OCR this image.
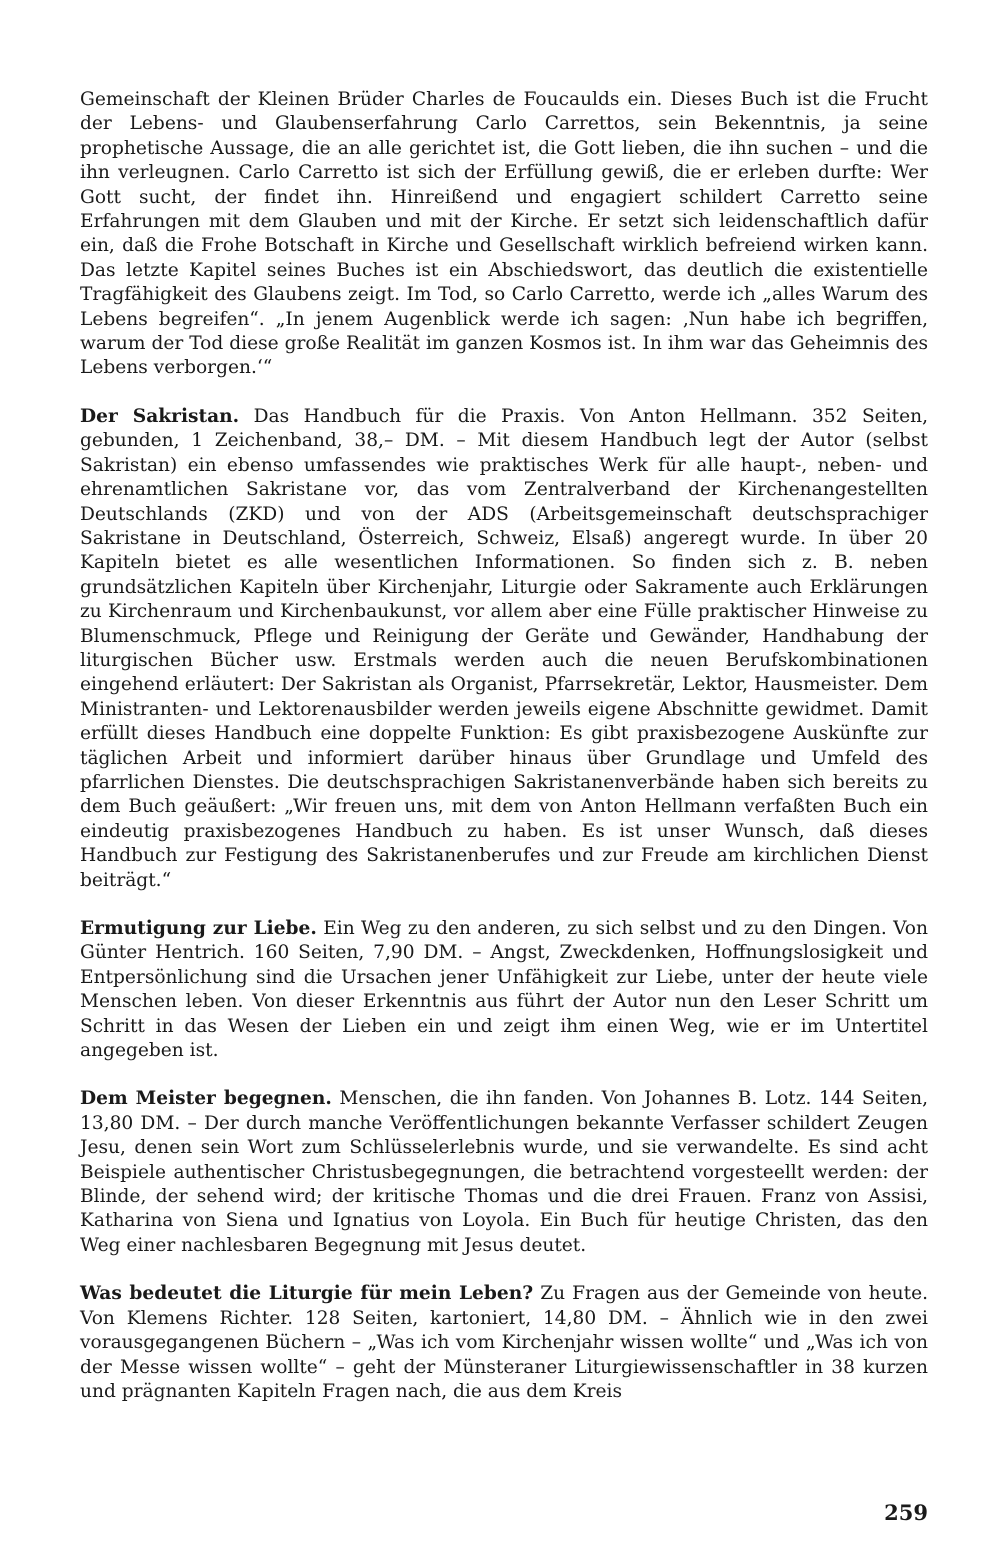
Gemeinschaft der Kleinen Brüder Charles de Foucaulds ein. Dieses Buch ist die Frucht der Lebens- und Glaubenserfahrung Carlo Carrettos, sein Bekenntnis, ja seine prophetische Aussage, die an alle gerichtet ist, die Gott lieben, die ihn suchen – und die ihn verleugnen. Carlo Carretto ist sich der Erfüllung gewiß, die er erleben durfte: Wer Gott sucht, der findet ihn. Hinreißend und engagiert schildert Carretto seine Erfahrungen mit dem Glauben und mit der Kirche. Er setzt sich leidenschaftlich dafür ein, daß die Frohe Botschaft in Kirche und Gesellschaft wirklich befreiend wirken kann. Das letzte Kapitel seines Buches ist ein Abschiedswort, das deutlich die existentielle Tragfähigkeit des Glaubens zeigt. Im Tod, so Carlo Carretto, werde ich „alles Warum des Lebens begreifen“. „In jenem Augenblick werde ich sagen: ‚Nun habe ich begriffen, warum der Tod diese große Realität im ganzen Kosmos ist. In ihm war das Geheimnis des Lebens verborgen.‘“

Der Sakristan. Das Handbuch für die Praxis. Von Anton Hellmann. 352 Seiten, gebunden, 1 Zeichenband, 38,– DM. – Mit diesem Handbuch legt der Autor (selbst Sakristan) ein ebenso umfassendes wie praktisches Werk für alle haupt-, neben- und ehrenamtlichen Sakristane vor, das vom Zentralverband der Kirchenangestellten Deutschlands (ZKD) und von der ADS (Arbeitsgemeinschaft deutschsprachiger Sakristane in Deutschland, Österreich, Schweiz, Elsaß) angeregt wurde. In über 20 Kapiteln bietet es alle wesentlichen Informationen. So finden sich z. B. neben grundsätzlichen Kapiteln über Kirchenjahr, Liturgie oder Sakramente auch Erklärungen zu Kirchenraum und Kirchenbaukunst, vor allem aber eine Fülle praktischer Hinweise zu Blumenschmuck, Pflege und Reinigung der Geräte und Gewänder, Handhabung der liturgischen Bücher usw. Erstmals werden auch die neuen Berufskombinationen eingehend erläutert: Der Sakristan als Organist, Pfarrsekretär, Lektor, Hausmeister. Dem Ministranten- und Lektorenausbilder werden jeweils eigene Abschnitte gewidmet. Damit erfüllt dieses Handbuch eine doppelte Funktion: Es gibt praxisbezogene Auskünfte zur täglichen Arbeit und informiert darüber hinaus über Grundlage und Umfeld des pfarrlichen Dienstes. Die deutschsprachigen Sakristanenverbände haben sich bereits zu dem Buch geäußert: „Wir freuen uns, mit dem von Anton Hellmann verfaßten Buch ein eindeutig praxisbezogenes Handbuch zu haben. Es ist unser Wunsch, daß dieses Handbuch zur Festigung des Sakristanenberufes und zur Freude am kirchlichen Dienst beiträgt.“

Ermutigung zur Liebe. Ein Weg zu den anderen, zu sich selbst und zu den Dingen. Von Günter Hentrich. 160 Seiten, 7,90 DM. – Angst, Zweckdenken, Hoffnungslosigkeit und Entpersönlichung sind die Ursachen jener Unfähigkeit zur Liebe, unter der heute viele Menschen leben. Von dieser Erkenntnis aus führt der Autor nun den Leser Schritt um Schritt in das Wesen der Lieben ein und zeigt ihm einen Weg, wie er im Untertitel angegeben ist.

Dem Meister begegnen. Menschen, die ihn fanden. Von Johannes B. Lotz. 144 Seiten, 13,80 DM. – Der durch manche Veröffentlichungen bekannte Verfasser schildert Zeugen Jesu, denen sein Wort zum Schlüsselerlebnis wurde, und sie verwandelte. Es sind acht Beispiele authentischer Christusbegegnungen, die betrachtend vorgesteellt werden: der Blinde, der sehend wird; der kritische Thomas und die drei Frauen. Franz von Assisi, Katharina von Siena und Ignatius von Loyola. Ein Buch für heutige Christen, das den Weg einer nachlesbaren Begegnung mit Jesus deutet.

Was bedeutet die Liturgie für mein Leben? Zu Fragen aus der Gemeinde von heute. Von Klemens Richter. 128 Seiten, kartoniert, 14,80 DM. – Ähnlich wie in den zwei vorausgegangenen Büchern – „Was ich vom Kirchenjahr wissen wollte“ und „Was ich von der Messe wissen wollte“ – geht der Münsteraner Liturgiewissenschaftler in 38 kurzen und prägnanten Kapiteln Fragen nach, die aus dem Kreis

259
